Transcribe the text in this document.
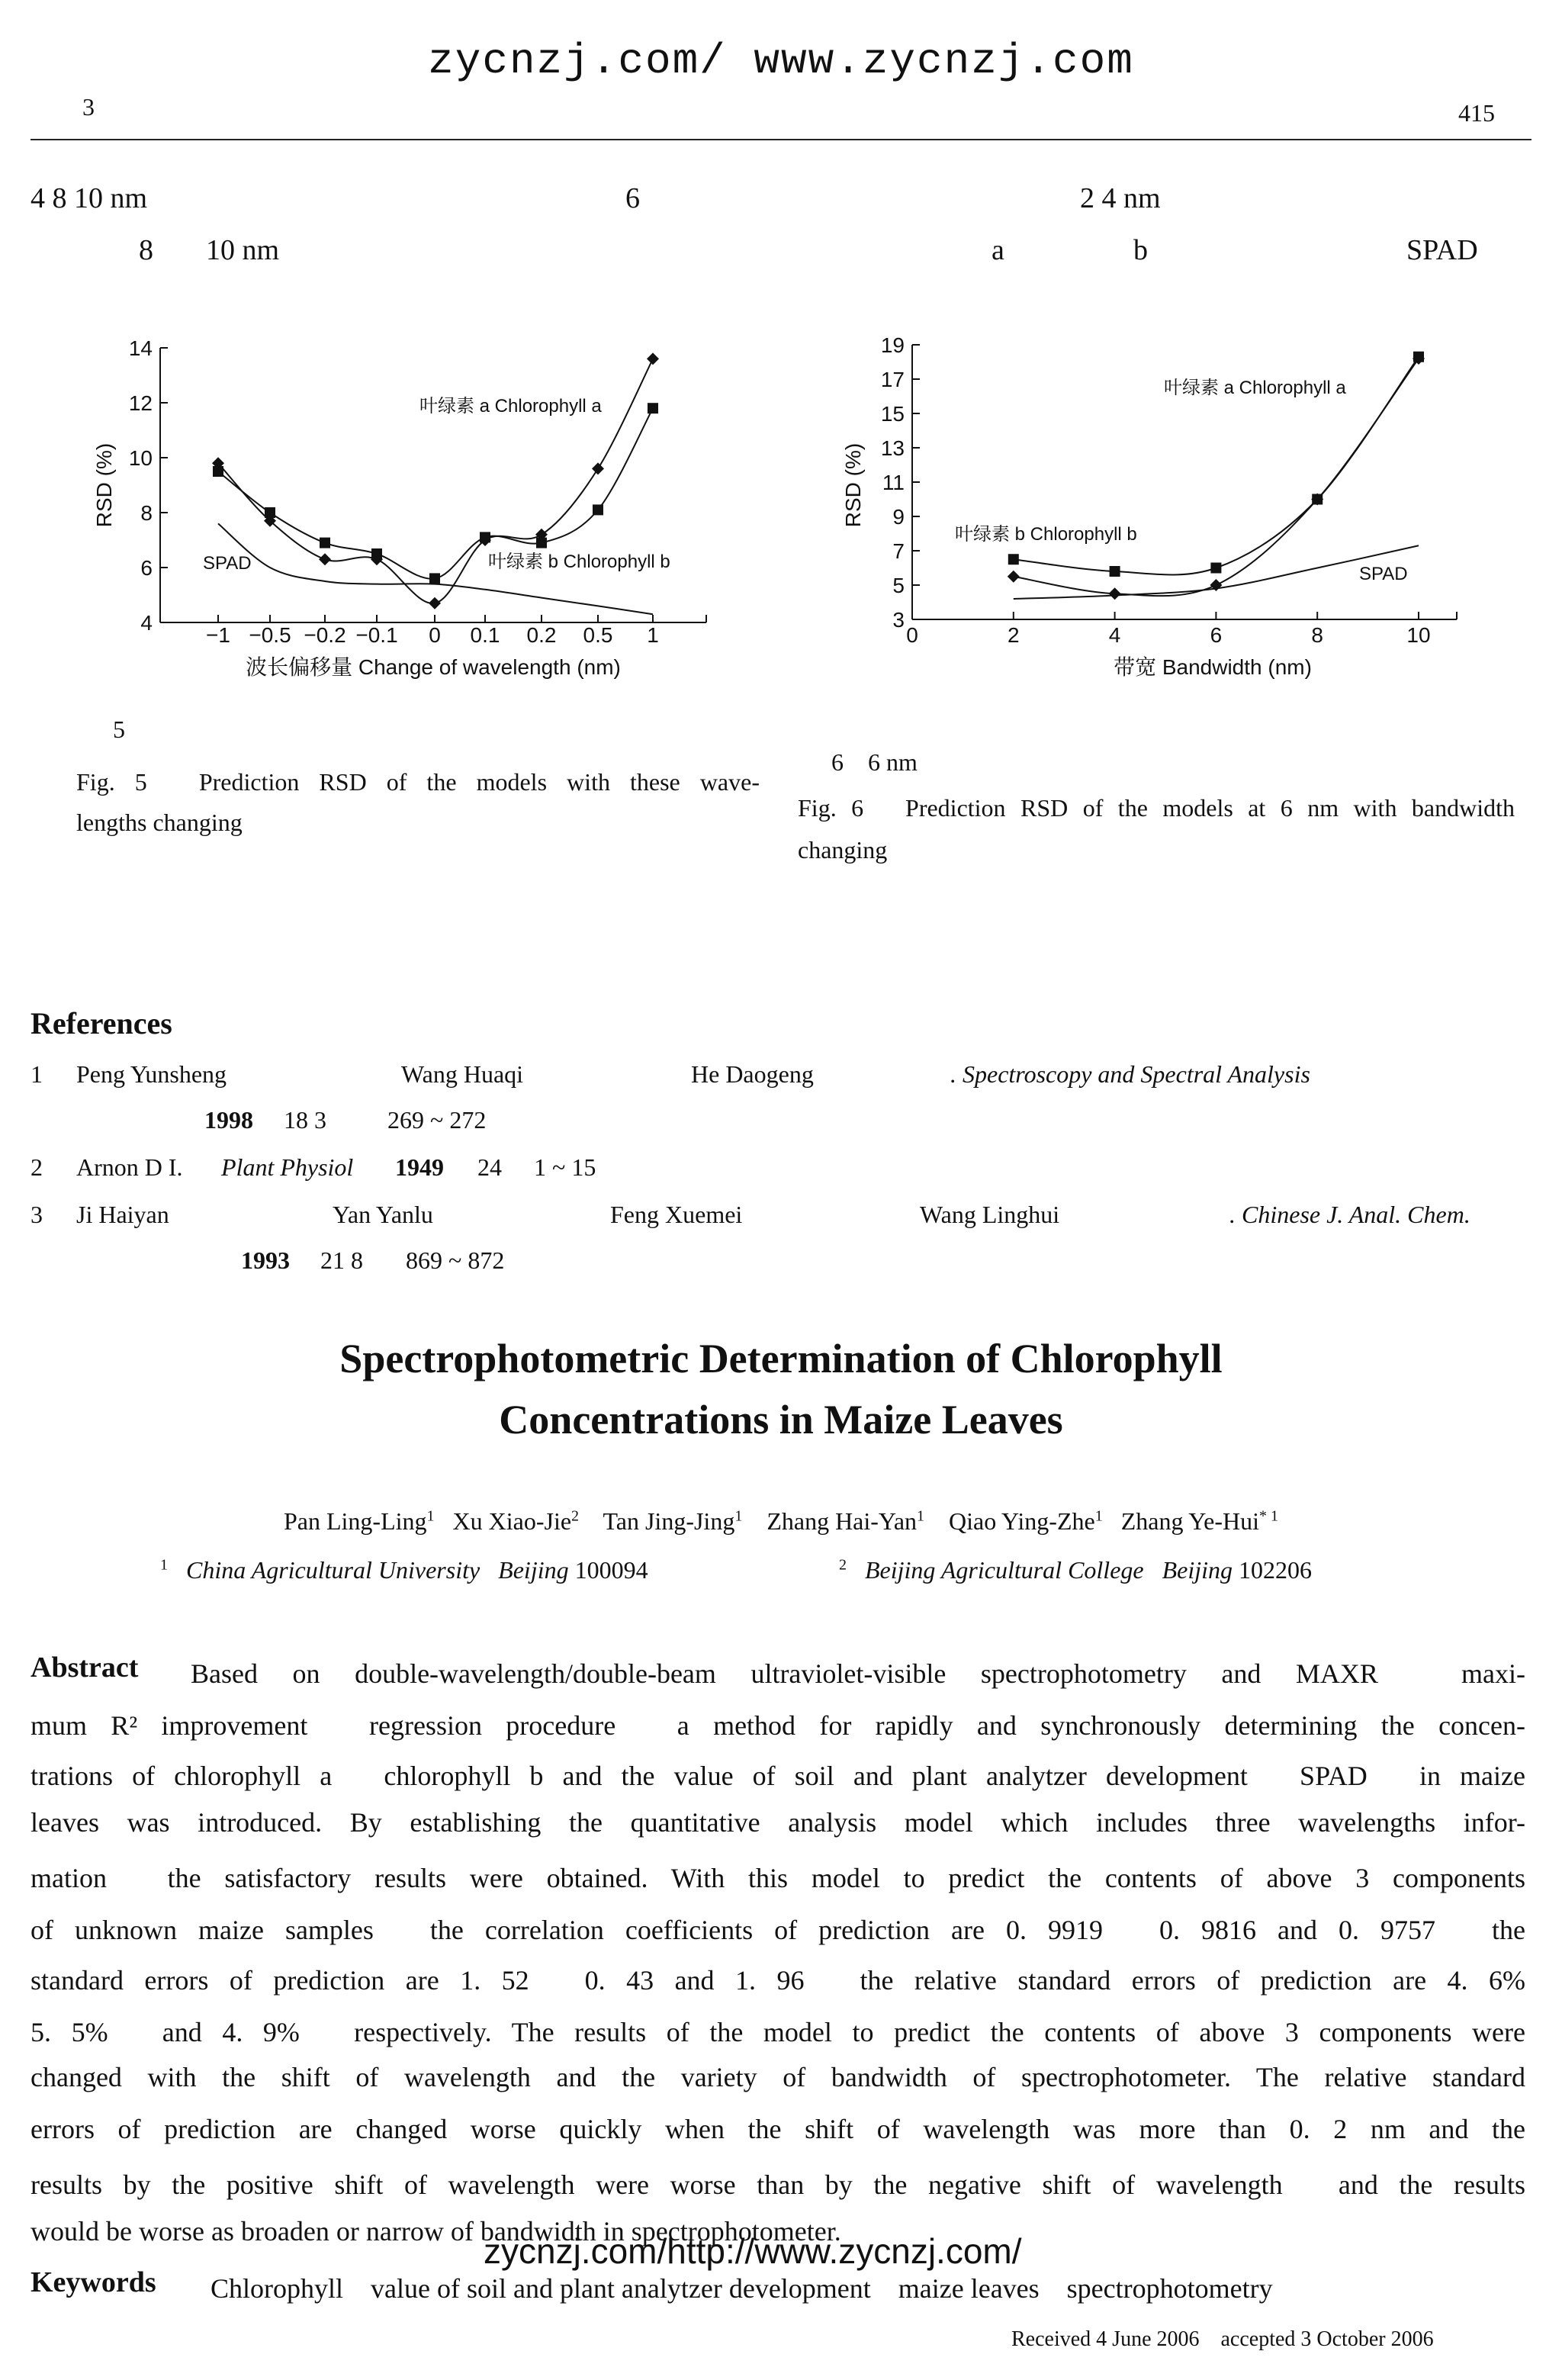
zycnzj.com/ www.zycnzj.com
3	415
4 8 10 nm	6	2 4 nm
8 10 nm	a	b	SPAD
4
6
8
10
12
14
−1 −0.5 −0.2 −0.1 0 0.1 0.2 0.5 1
波长偏移量 Change of wavelength (nm)
RSD (%)
叶绿素 a Chlorophyll a
叶绿素 b Chlorophyll b
SPAD
3
5
7
9
11
13
15
17
19
0	2	4	6	8	10
带宽 Bandwidth (nm)
RSD (%)
叶绿素 a Chlorophyll a
叶绿素 b Chlorophyll b
SPAD
5
Fig. 5　Prediction RSD of the models with these wave-
lengths changing
6　6 nm
Fig. 6　Prediction RSD of the models at 6 nm with bandwidth
changing
References
1 Peng Yunsheng	Wang Huaqi	He Daogeng	. Spectroscopy and Spectral Analysis
1998 18 3	269 ~ 272
2 Arnon D I. Plant Physiol 1949 24 1 ~ 15
3 Ji Haiyan	Yan Yanlu	Feng Xuemei	Wang Linghui	. Chinese J. Anal. Chem.
1993 21 8 869 ~ 872
Spectrophotometric Determination of Chlorophyll
Concentrations in Maize Leaves
Pan Ling-Ling$^1$ Xu Xiao-Jie$^2$ Tan Jing-Jing$^1$ Zhang Hai-Yan$^1$ Qiao Ying-Zhe$^1$ Zhang Ye-Hui$^{* 1}$
$^1$ China Agricultural University Beijing 100094	$^2$ Beijing Agricultural College Beijing 102206
Abstract Based on double-wavelength/double-beam ultraviolet-visible spectrophotometry and MAXR　maxi-
mum R² improvement　regression procedure　a method for rapidly and synchronously determining the concen-
trations of chlorophyll a　chlorophyll b and the value of soil and plant analytzer development　SPAD　in maize
leaves was introduced. By establishing the quantitative analysis model which includes three wavelengths infor-
mation　the satisfactory results were obtained. With this model to predict the contents of above 3 components
of unknown maize samples　the correlation coefficients of prediction are 0. 9919　0. 9816 and 0. 9757　the
standard errors of prediction are 1. 52　0. 43 and 1. 96　the relative standard errors of prediction are 4. 6%
5. 5%　and 4. 9%　respectively. The results of the model to predict the contents of above 3 components were
changed with the shift of wavelength and the variety of bandwidth of spectrophotometer. The relative standard
errors of prediction are changed worse quickly when the shift of wavelength was more than 0. 2 nm and the
results by the positive shift of wavelength were worse than by the negative shift of wavelength　and the results
would be worse as broaden or narrow of bandwidth in spectrophotometer.
zycnzj.com/http://www.zycnzj.com/
Keywords Chlorophyll　value of soil and plant analytzer development　maize leaves　spectrophotometry
Received 4 June 2006　accepted 3 October 2006
